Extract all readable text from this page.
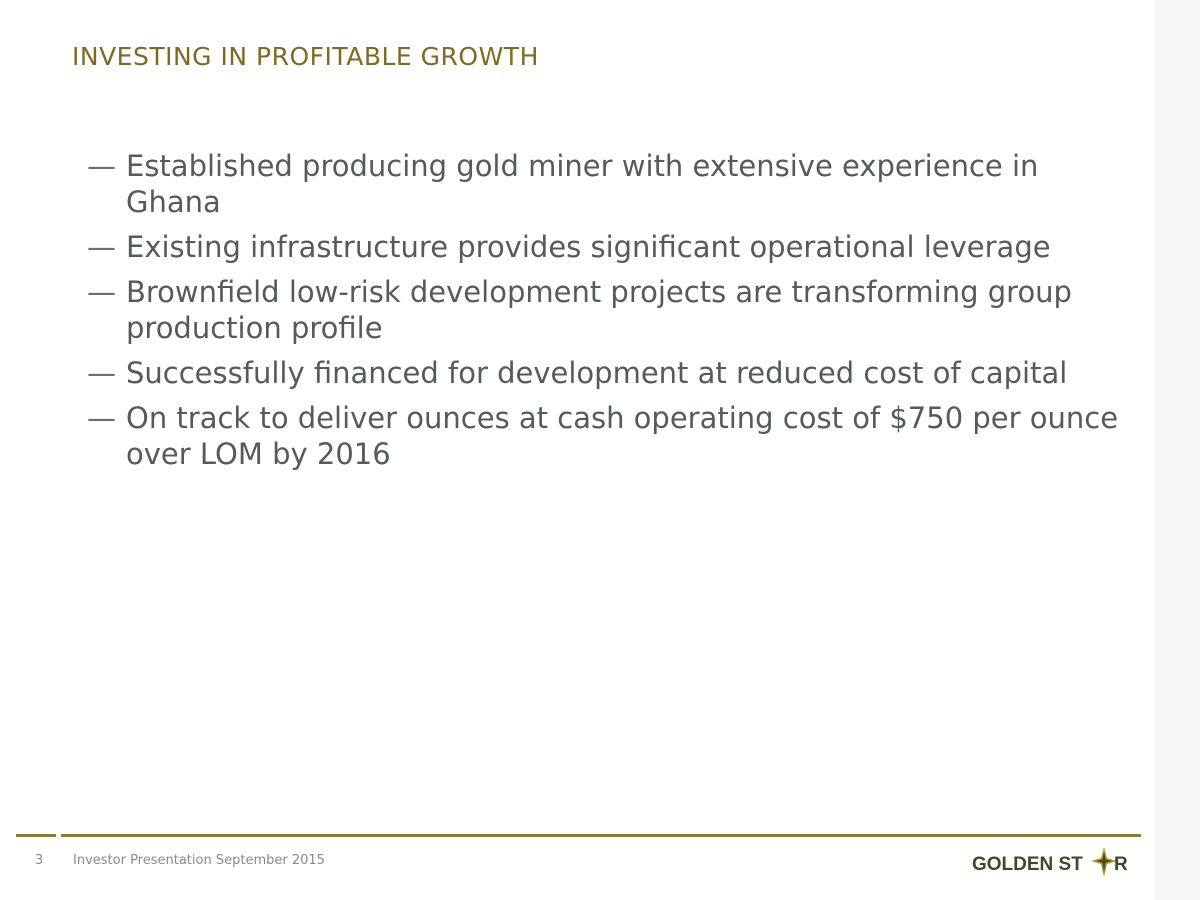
INVESTING IN PROFITABLE GROWTH
— Established producing gold miner with extensive experience in Ghana
— Existing infrastructure provides significant operational leverage
— Brownfield low-risk development projects are transforming group production profile
— Successfully financed for development at reduced cost of capital
— On track to deliver ounces at cash operating cost of $750 per ounce over LOM by 2016
3 Investor Presentation September 2015	GOLDEN ST R
